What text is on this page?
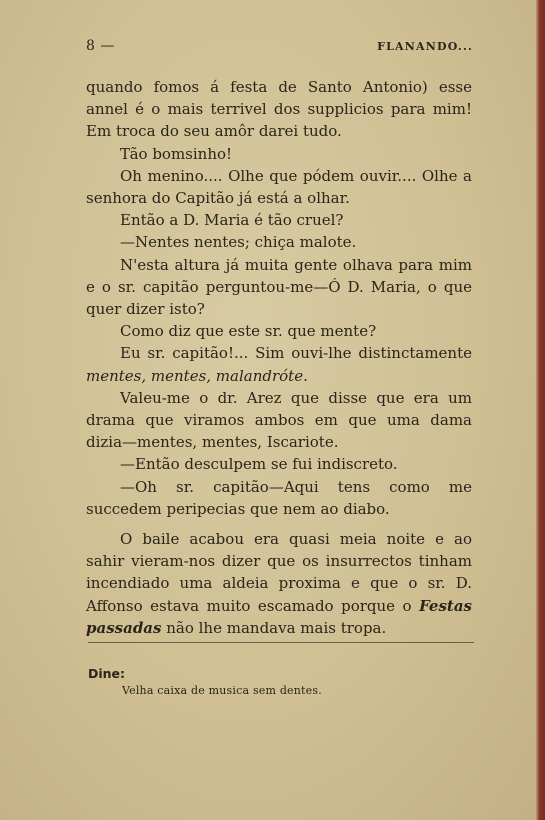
8 —	FLANANDO...

quando fomos á festa de Santo Antonio) esse annel é o mais terrivel dos supplicios para mim! Em troca do seu amôr darei tudo.

Tão bomsinho!

Oh menino.... Olhe que pódem ouvir.... Olhe a senhora do Capitão já está a olhar.

Então a D. Maria é tão cruel?

—Nentes nentes; chiça malote.

N'esta altura já muita gente olhava para mim e o sr. capitão perguntou-me—Ó D. Maria, o que quer dizer isto?

Como diz que este sr. que mente?

Eu sr. capitão!... Sim ouvi-lhe distinctamente mentes, mentes, malandróte.

Valeu-me o dr. Arez que disse que era um drama que viramos ambos em que uma dama dizia—mentes, mentes, Iscariote.

—Então desculpem se fui indiscreto.

—Oh sr. capitão—Aqui tens como me succedem peripecias que nem ao diabo.

O baile acabou era quasi meia noite e ao sahir vieram-nos dizer que os insurrectos tinham incendiado uma aldeia proxima e que o sr. D. Affonso estava muito escamado porque o Festas passadas não lhe mandava mais tropa.

Dine:
Velha caixa de musica sem dentes.
